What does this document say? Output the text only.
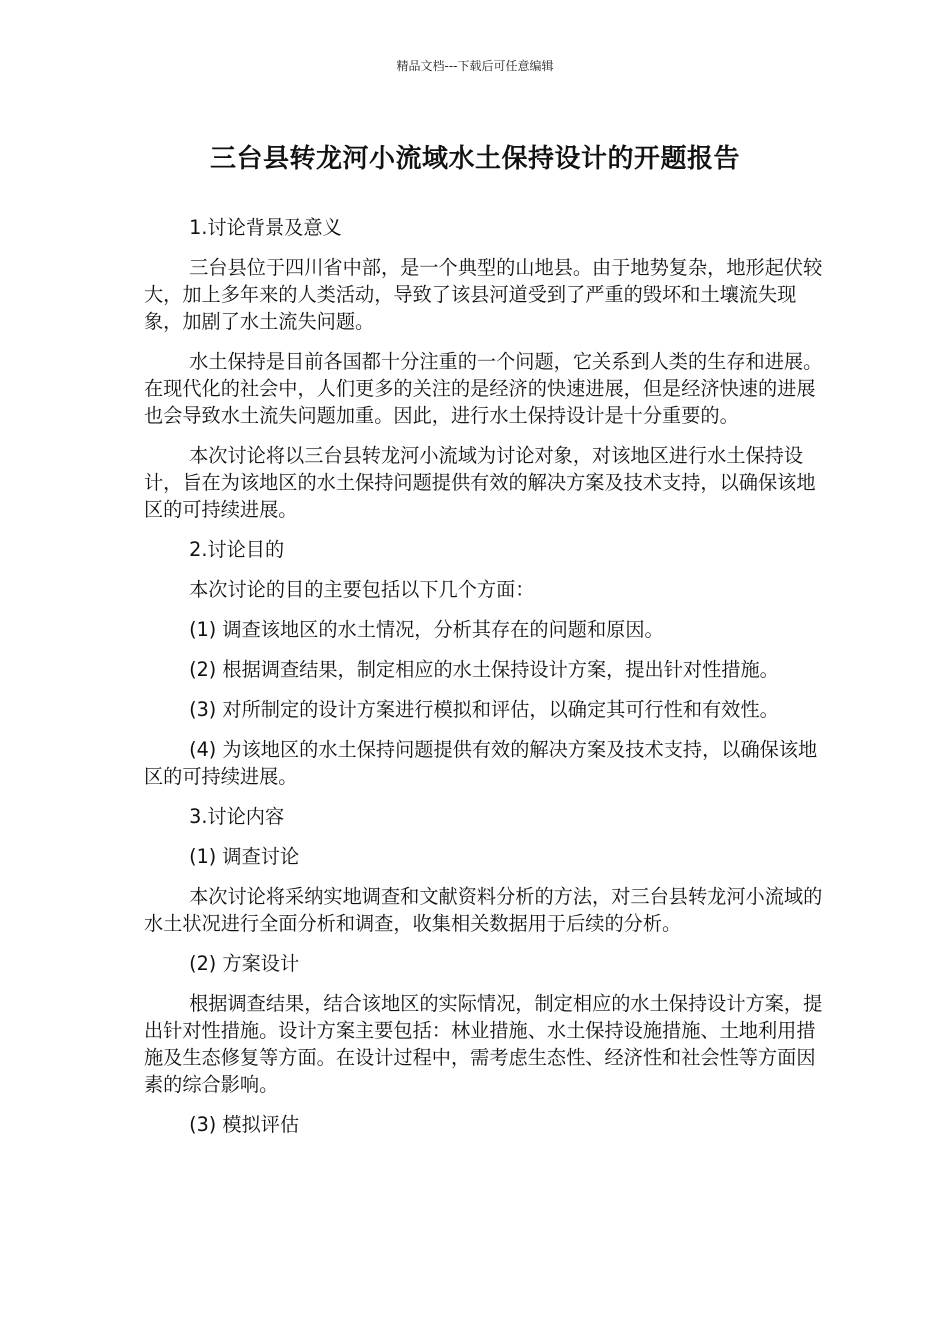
精品文档---下载后可任意编辑
三台县转龙河小流域水土保持设计的开题报告

1.讨论背景及意义

三台县位于四川省中部，是一个典型的山地县。由于地势复杂，地形起伏较大，加上多年来的人类活动，导致了该县河道受到了严重的毁坏和土壤流失现象，加剧了水土流失问题。

水土保持是目前各国都十分注重的一个问题，它关系到人类的生存和进展。在现代化的社会中，人们更多的关注的是经济的快速进展，但是经济快速的进展也会导致水土流失问题加重。因此，进行水土保持设计是十分重要的。

本次讨论将以三台县转龙河小流域为讨论对象，对该地区进行水土保持设计，旨在为该地区的水土保持问题提供有效的解决方案及技术支持，以确保该地区的可持续进展。

2.讨论目的

本次讨论的目的主要包括以下几个方面：

(1) 调查该地区的水土情况，分析其存在的问题和原因。

(2) 根据调查结果，制定相应的水土保持设计方案，提出针对性措施。

(3) 对所制定的设计方案进行模拟和评估，以确定其可行性和有效性。

(4) 为该地区的水土保持问题提供有效的解决方案及技术支持，以确保该地区的可持续进展。

3.讨论内容

(1) 调查讨论

本次讨论将采纳实地调查和文献资料分析的方法，对三台县转龙河小流域的水土状况进行全面分析和调查，收集相关数据用于后续的分析。

(2) 方案设计

根据调查结果，结合该地区的实际情况，制定相应的水土保持设计方案，提出针对性措施。设计方案主要包括：林业措施、水土保持设施措施、土地利用措施及生态修复等方面。在设计过程中，需考虑生态性、经济性和社会性等方面因素的综合影响。

(3) 模拟评估
